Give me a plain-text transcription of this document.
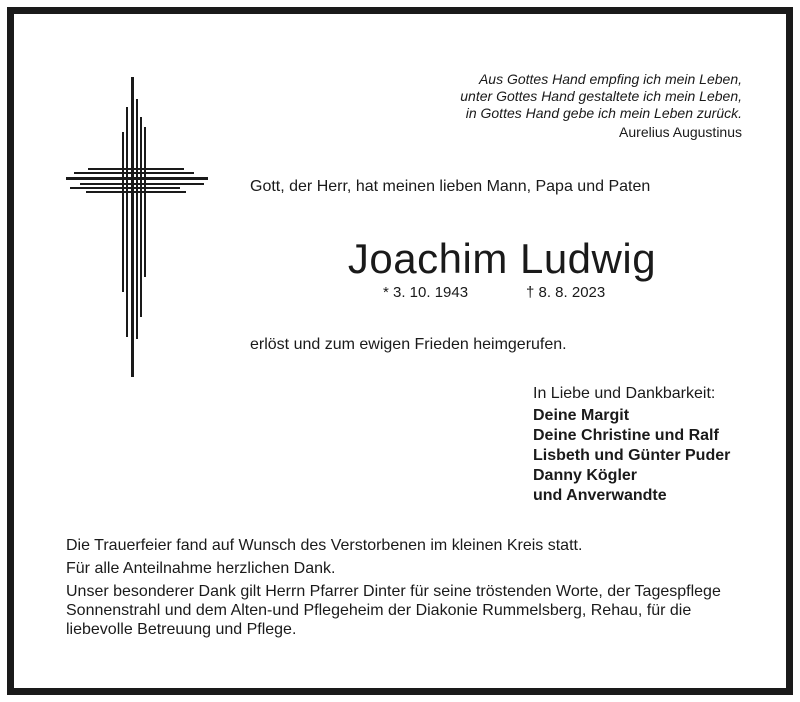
Aus Gottes Hand empfing ich mein Leben,
unter Gottes Hand gestaltete ich mein Leben,
in Gottes Hand gebe ich mein Leben zurück.
Aurelius Augustinus
Gott, der Herr, hat meinen lieben Mann, Papa und Paten
Joachim Ludwig
* 3. 10. 1943	† 8. 8. 2023
erlöst und zum ewigen Frieden heimgerufen.
In Liebe und Dankbarkeit:
Deine Margit
Deine Christine und Ralf
Lisbeth und Günter Puder
Danny Kögler
und Anverwandte
Die Trauerfeier fand auf Wunsch des Verstorbenen im kleinen Kreis statt.
Für alle Anteilnahme herzlichen Dank.
Unser besonderer Dank gilt Herrn Pfarrer Dinter für seine tröstenden Worte, der Tagespflege Sonnenstrahl und dem Alten-und Pflegeheim der Diakonie Rummelsberg, Rehau, für die liebevolle Betreuung und Pflege.
